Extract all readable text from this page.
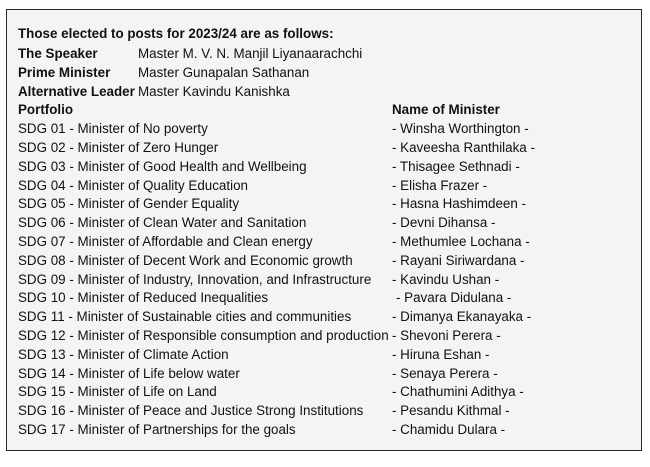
Those elected to posts for 2023/24 are as follows:
The Speaker	Master M. V. N. Manjil Liyanaarachchi
Prime Minister Master Gunapalan Sathanan
Alternative Leader Master Kavindu Kanishka
Portfolio	Name of Minister
SDG 01 - Minister of No poverty	- Winsha Worthington -
SDG 02 - Minister of Zero Hunger	- Kaveesha Ranthilaka -
SDG 03 - Minister of Good Health and Wellbeing	- Thisagee Sethnadi -
SDG 04 - Minister of Quality Education	- Elisha Frazer -
SDG 05 - Minister of Gender Equality	- Hasna Hashimdeen -
SDG 06 - Minister of Clean Water and Sanitation	- Devni Dihansa -
SDG 07 - Minister of Affordable and Clean energy	- Methumlee Lochana -
SDG 08 - Minister of Decent Work and Economic growth	- Rayani Siriwardana -
SDG 09 - Minister of Industry, Innovation, and Infrastructure - Kavindu Ushan -
SDG 10 - Minister of Reduced Inequalities	- Pavara Didulana -
SDG 11 - Minister of Sustainable cities and communities	- Dimanya Ekanayaka -
SDG 12 - Minister of Responsible consumption and production - Shevoni Perera -
SDG 13 - Minister of Climate Action	- Hiruna Eshan -
SDG 14 - Minister of Life below water	- Senaya Perera -
SDG 15 - Minister of Life on Land	- Chathumini Adithya -
SDG 16 - Minister of Peace and Justice Strong Institutions - Pesandu Kithmal -
SDG 17 - Minister of Partnerships for the goals	- Chamidu Dulara -
